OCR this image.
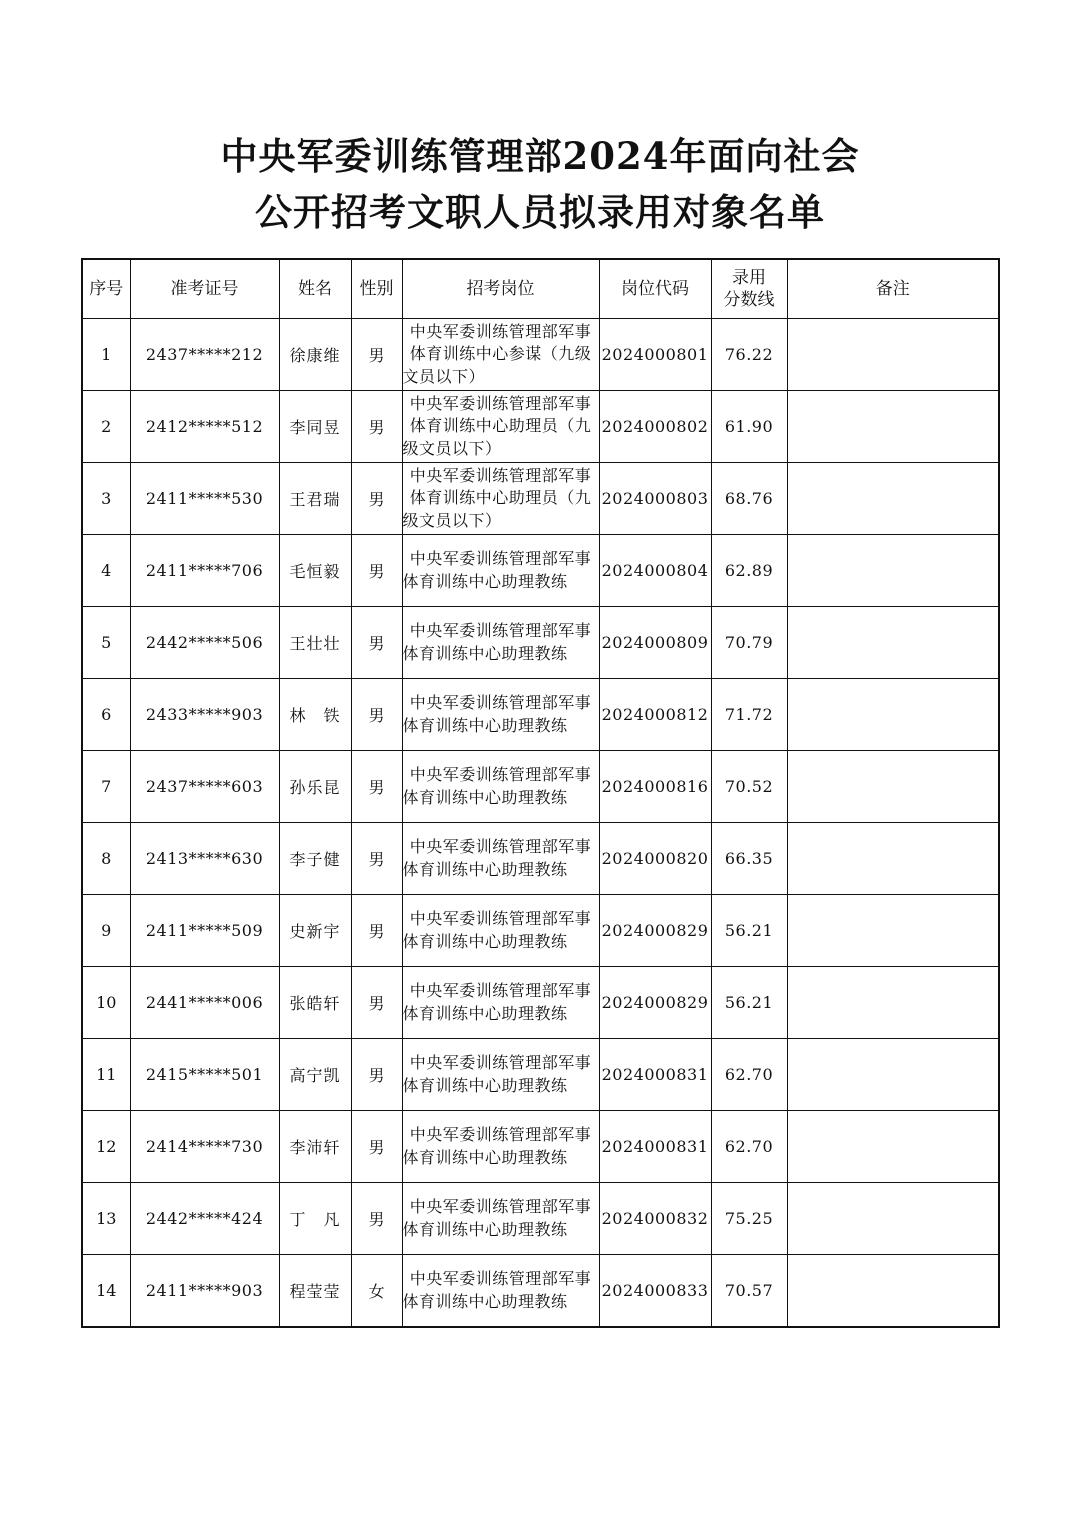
中央军委训练管理部2024年面向社会
公开招考文职人员拟录用对象名单
序号	准考证号	姓名	性别	招考岗位	岗位代码	录用
分数线	备注
1	2437*****212	徐康维	男	中央军委训练管理部军事体育训练中心参谋（九级文员以下）	2024000801	76.22	
2	2412*****512	李同昱	男	中央军委训练管理部军事体育训练中心助理员（九级文员以下）	2024000802	61.90	
3	2411*****530	王君瑞	男	中央军委训练管理部军事体育训练中心助理员（九级文员以下）	2024000803	68.76	
4	2411*****706	毛恒毅	男	中央军委训练管理部军事体育训练中心助理教练	2024000804	62.89	
5	2442*****506	王壮壮	男	中央军委训练管理部军事体育训练中心助理教练	2024000809	70.79	
6	2433*****903	林　铁	男	中央军委训练管理部军事体育训练中心助理教练	2024000812	71.72	
7	2437*****603	孙乐昆	男	中央军委训练管理部军事体育训练中心助理教练	2024000816	70.52	
8	2413*****630	李子健	男	中央军委训练管理部军事体育训练中心助理教练	2024000820	66.35	
9	2411*****509	史新宇	男	中央军委训练管理部军事体育训练中心助理教练	2024000829	56.21	
10	2441*****006	张皓轩	男	中央军委训练管理部军事体育训练中心助理教练	2024000829	56.21	
11	2415*****501	高宁凯	男	中央军委训练管理部军事体育训练中心助理教练	2024000831	62.70	
12	2414*****730	李沛轩	男	中央军委训练管理部军事体育训练中心助理教练	2024000831	62.70	
13	2442*****424	丁　凡	男	中央军委训练管理部军事体育训练中心助理教练	2024000832	75.25	
14	2411*****903	程莹莹	女	中央军委训练管理部军事体育训练中心助理教练	2024000833	70.57	
